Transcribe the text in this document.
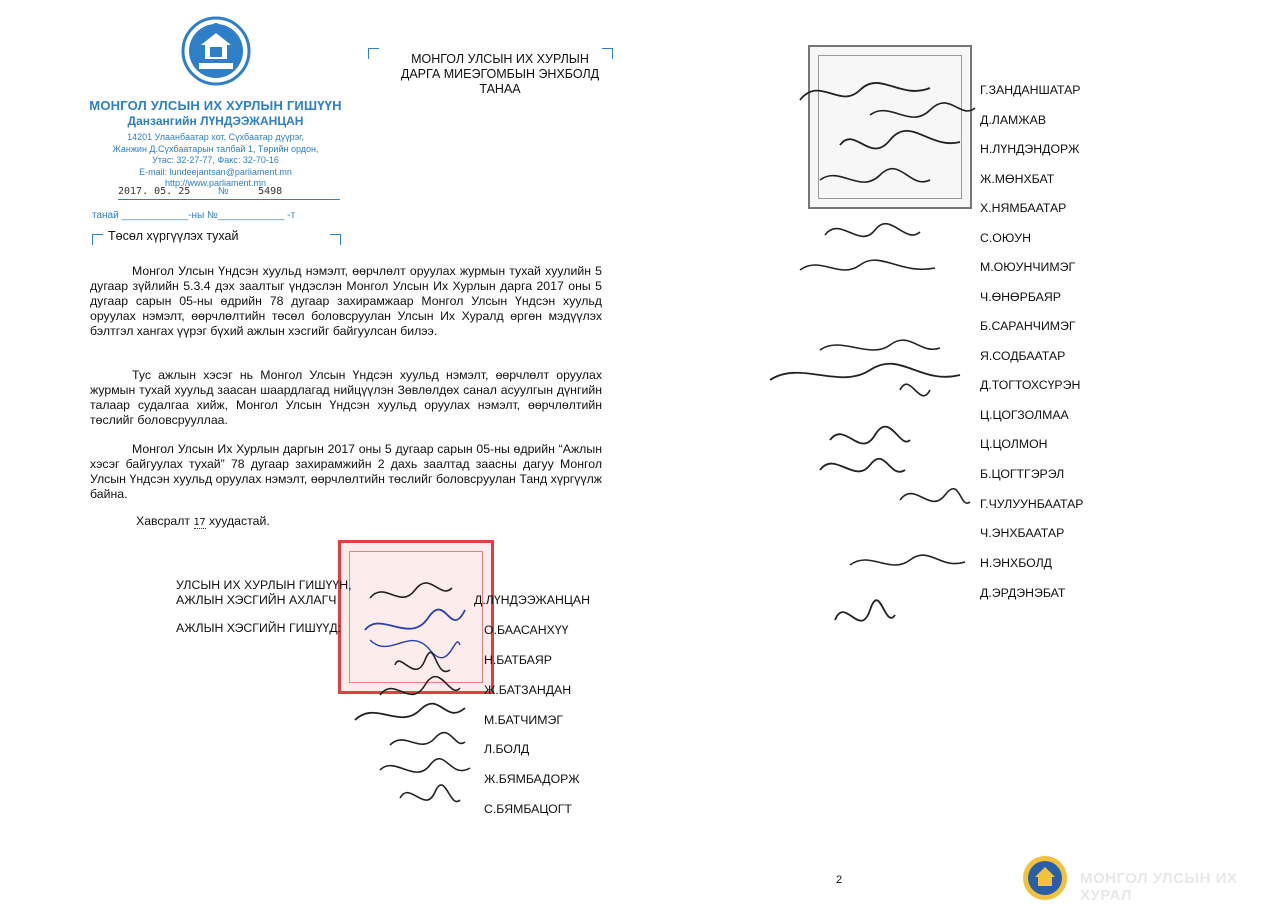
МОНГОЛ УЛСЫН ИХ ХУРЛЫН ГИШҮҮН
Данзангийн ЛҮНДЭЭЖАНЦАН
14201 Улаанбаатар хот, Сүхбаатар дүүрэг,
Жанжин Д.Сүхбаатарын талбай 1, Төрийн ордон,
Утас: 32-27-77, Факс: 32-70-16
E-mail: lundeejantsan@parliament.mn
http://www.parliament.mn
2017. 05. 25	№	5498
танай ____________-ны №____________ -т
Төсөл хүргүүлэх тухай
МОНГОЛ УЛСЫН ИХ ХУРЛЫН
ДАРГА МИЕЭГОМБЫН ЭНХБОЛД
ТАНАА

Монгол Улсын Үндсэн хуульд нэмэлт, өөрчлөлт оруулах журмын тухай хуулийн 5 дугаар зүйлийн 5.3.4 дэх заалтыг үндэслэн Монгол Улсын Их Хурлын дарга 2017 оны 5 дугаар сарын 05-ны өдрийн 78 дугаар захирамжаар Монгол Улсын Үндсэн хуульд оруулах нэмэлт, өөрчлөлтийн төсөл боловсруулан Улсын Их Хуралд өргөн мэдүүлэх бэлтгэл хангах үүрэг бүхий ажлын хэсгийг байгуулсан билээ.

Тус ажлын хэсэг нь Монгол Улсын Үндсэн хуульд нэмэлт, өөрчлөлт оруулах журмын тухай хуульд заасан шаардлагад нийцүүлэн Зөвлөлдөх санал асуулгын дүнгийн талаар судалгаа хийж, Монгол Улсын Үндсэн хуульд оруулах нэмэлт, өөрчлөлтийн төслийг боловсрууллаа.

Монгол Улсын Их Хурлын даргын 2017 оны 5 дугаар сарын 05-ны өдрийн “Ажлын хэсэг байгуулах тухай” 78 дугаар захирамжийн 2 дахь заалтад заасны дагуу Монгол Улсын Үндсэн хуульд оруулах нэмэлт, өөрчлөлтийн төслийг боловсруулан Танд хүргүүлж байна.

Хавсралт 17 хуудастай.
УЛСЫН ИХ ХУРЛЫН ГИШҮҮН,
АЖЛЫН ХЭСГИЙН АХЛАГЧ	Д.ЛҮНДЭЭЖАНЦАН
АЖЛЫН ХЭСГИЙН ГИШҮҮД:	О.БААСАНХҮҮ
Н.БАТБАЯР
Ж.БАТЗАНДАН
М.БАТЧИМЭГ
Л.БОЛД
Ж.БЯМБАДОРЖ
С.БЯМБАЦОГТ
Г.ЗАНДАНШАТАР
Д.ЛАМЖАВ
Н.ЛҮНДЭНДОРЖ
Ж.МӨНХБАТ
Х.НЯМБААТАР
С.ОЮУН
М.ОЮУНЧИМЭГ
Ч.ӨНӨРБАЯР
Б.САРАНЧИМЭГ
Я.СОДБААТАР
Д.ТОГТОХСҮРЭН
Ц.ЦОГЗОЛМАА
Ц.ЦОЛМОН
Б.ЦОГТГЭРЭЛ
Г.ЧУЛУУНБААТАР
Ч.ЭНХБААТАР
Н.ЭНХБОЛД
Д.ЭРДЭНЭБАТ
2	МОНГОЛ УЛСЫН ИХ ХУРАЛ
